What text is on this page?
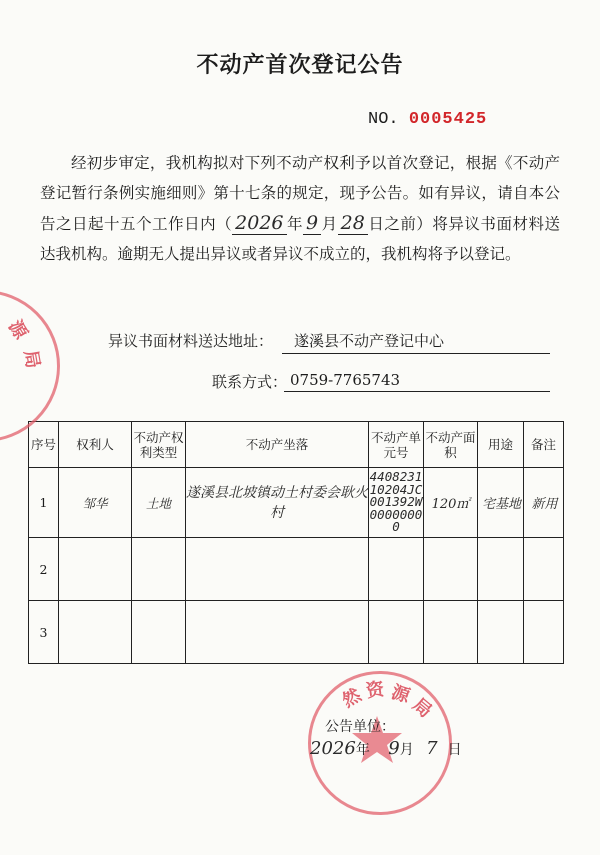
不动产首次登记公告
NO. 0005425
经初步审定，我机构拟对下列不动产权利予以首次登记，根据《不动产登记暂行条例实施细则》第十七条的规定，现予公告。如有异议，请自本公告之日起十五个工作日内（ 2026 年 9 月 28 日之前）将异议书面材料送达我机构。逾期无人提出异议或者异议不成立的，我机构将予以登记。
异议书面材料送达地址：	遂溪县不动产登记中心
联系方式： 0759-7765743
序号	权利人	不动产权利类型	不动产坐落	不动产单元号	不动产面积	用途	备注
1	邹华	土地	遂溪县北坡镇动土村委会耿火村	440823110204JC001392W00000000	120㎡	宅基地	新用
2							
3							
源
局
然 资 源
局
公告单位：
2026年 9月 7 日
